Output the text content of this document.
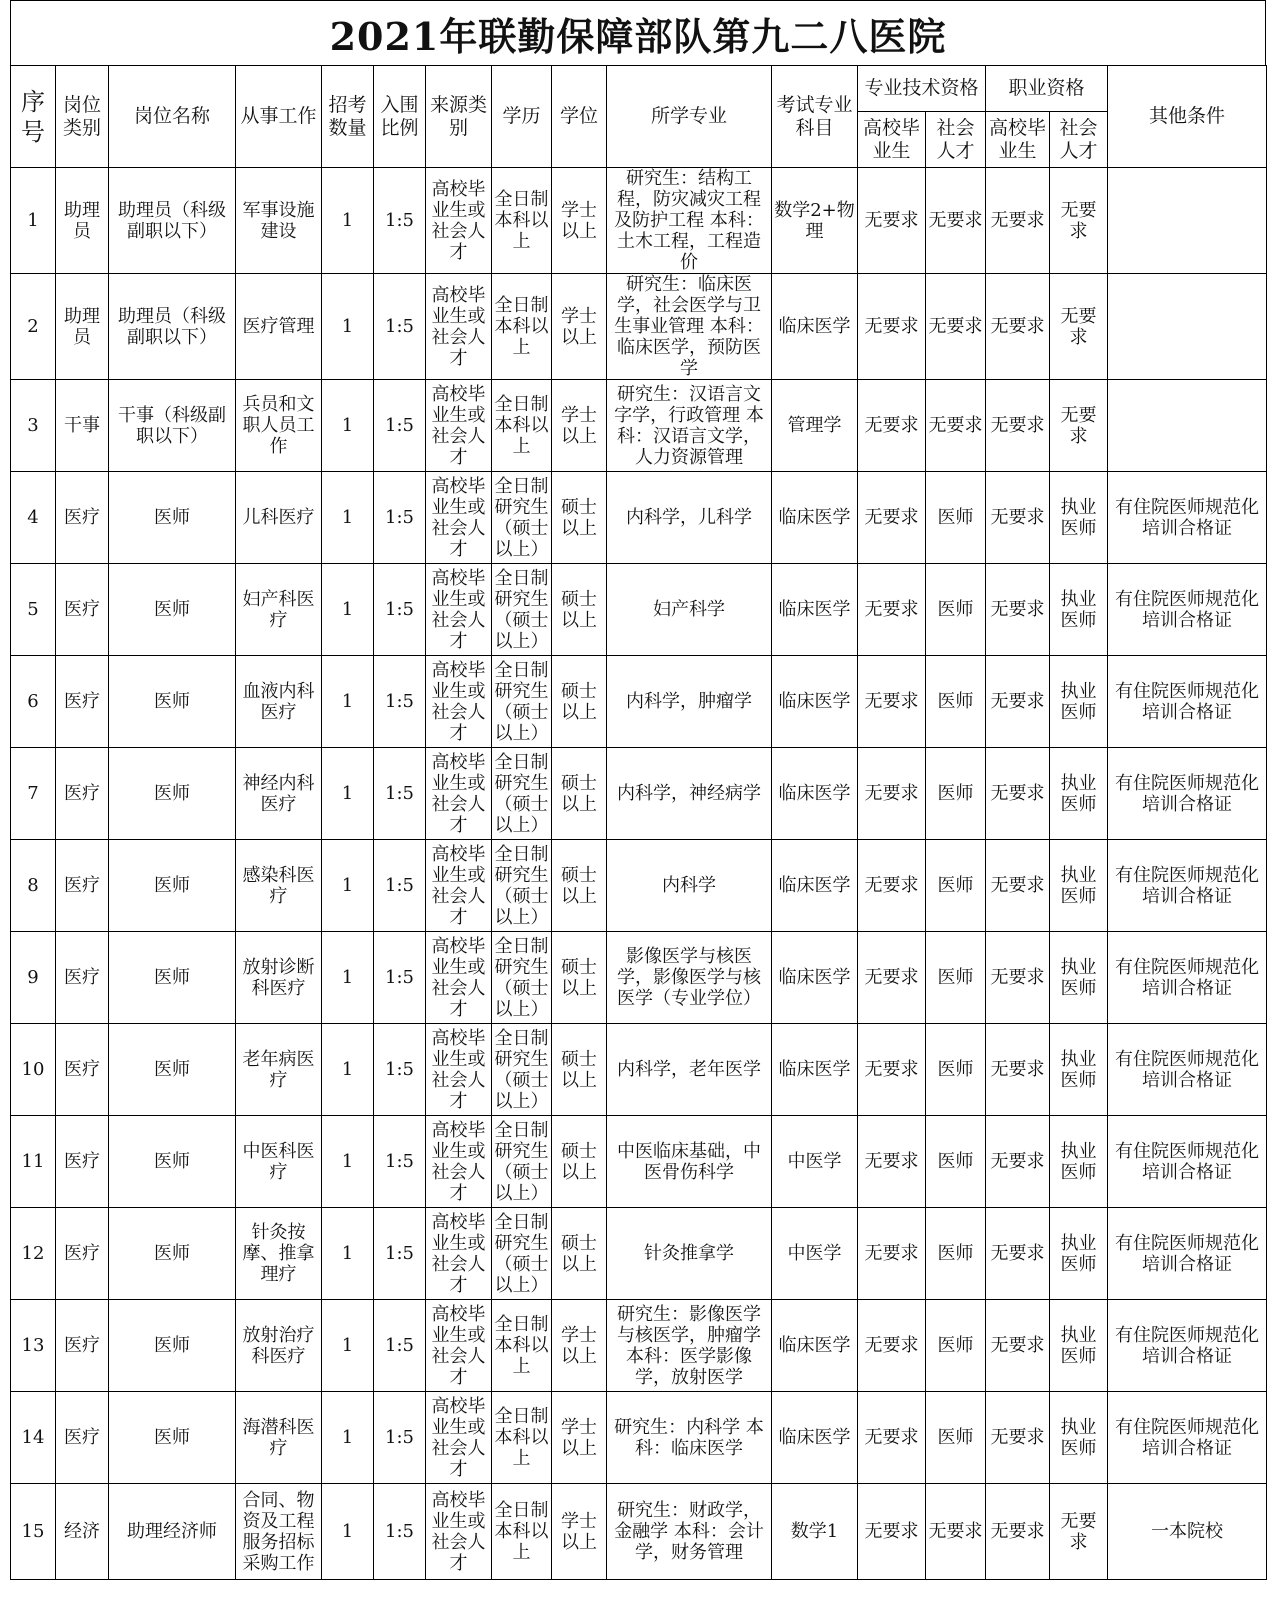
2021年联勤保障部队第九二八医院
序号	岗位类别	岗位名称	从事工作	招考数量	入围比例	来源类别	学历	学位	所学专业	考试专业科目	专业技术资格		职业资格		其他条件
											高校毕业生	社会人才	高校毕业生	社会人才	
1	助理员	助理员（科级副职以下）	军事设施建设	1	1:5	高校毕业生或社会人才	全日制本科以上	学士以上	研究生：结构工程，防灾减灾工程及防护工程 本科：土木工程，工程造价	数学2+物理	无要求	无要求	无要求	无要求	
2	助理员	助理员（科级副职以下）	医疗管理	1	1:5	高校毕业生或社会人才	全日制本科以上	学士以上	研究生：临床医学，社会医学与卫生事业管理 本科：临床医学，预防医学	临床医学	无要求	无要求	无要求	无要求	
3	干事	干事（科级副职以下）	兵员和文职人员工作	1	1:5	高校毕业生或社会人才	全日制本科以上	学士以上	研究生：汉语言文字学，行政管理 本科：汉语言文学，人力资源管理	管理学	无要求	无要求	无要求	无要求	
4	医疗	医师	儿科医疗	1	1:5	高校毕业生或社会人才	全日制研究生（硕士以上）	硕士以上	内科学，儿科学	临床医学	无要求	医师	无要求	执业医师	有住院医师规范化培训合格证
5	医疗	医师	妇产科医疗	1	1:5	高校毕业生或社会人才	全日制研究生（硕士以上）	硕士以上	妇产科学	临床医学	无要求	医师	无要求	执业医师	有住院医师规范化培训合格证
6	医疗	医师	血液内科医疗	1	1:5	高校毕业生或社会人才	全日制研究生（硕士以上）	硕士以上	内科学，肿瘤学	临床医学	无要求	医师	无要求	执业医师	有住院医师规范化培训合格证
7	医疗	医师	神经内科医疗	1	1:5	高校毕业生或社会人才	全日制研究生（硕士以上）	硕士以上	内科学，神经病学	临床医学	无要求	医师	无要求	执业医师	有住院医师规范化培训合格证
8	医疗	医师	感染科医疗	1	1:5	高校毕业生或社会人才	全日制研究生（硕士以上）	硕士以上	内科学	临床医学	无要求	医师	无要求	执业医师	有住院医师规范化培训合格证
9	医疗	医师	放射诊断科医疗	1	1:5	高校毕业生或社会人才	全日制研究生（硕士以上）	硕士以上	影像医学与核医学，影像医学与核医学（专业学位）	临床医学	无要求	医师	无要求	执业医师	有住院医师规范化培训合格证
10	医疗	医师	老年病医疗	1	1:5	高校毕业生或社会人才	全日制研究生（硕士以上）	硕士以上	内科学，老年医学	临床医学	无要求	医师	无要求	执业医师	有住院医师规范化培训合格证
11	医疗	医师	中医科医疗	1	1:5	高校毕业生或社会人才	全日制研究生（硕士以上）	硕士以上	中医临床基础，中医骨伤科学	中医学	无要求	医师	无要求	执业医师	有住院医师规范化培训合格证
12	医疗	医师	针灸按摩、推拿理疗	1	1:5	高校毕业生或社会人才	全日制研究生（硕士以上）	硕士以上	针灸推拿学	中医学	无要求	医师	无要求	执业医师	有住院医师规范化培训合格证
13	医疗	医师	放射治疗科医疗	1	1:5	高校毕业生或社会人才	全日制本科以上	学士以上	研究生：影像医学与核医学，肿瘤学 本科：医学影像学，放射医学	临床医学	无要求	医师	无要求	执业医师	有住院医师规范化培训合格证
14	医疗	医师	海潜科医疗	1	1:5	高校毕业生或社会人才	全日制本科以上	学士以上	研究生：内科学 本科：临床医学	临床医学	无要求	医师	无要求	执业医师	有住院医师规范化培训合格证
15	经济	助理经济师	合同、物资及工程服务招标采购工作	1	1:5	高校毕业生或社会人才	全日制本科以上	学士以上	研究生：财政学，金融学 本科：会计学，财务管理	数学1	无要求	无要求	无要求	无要求	一本院校
